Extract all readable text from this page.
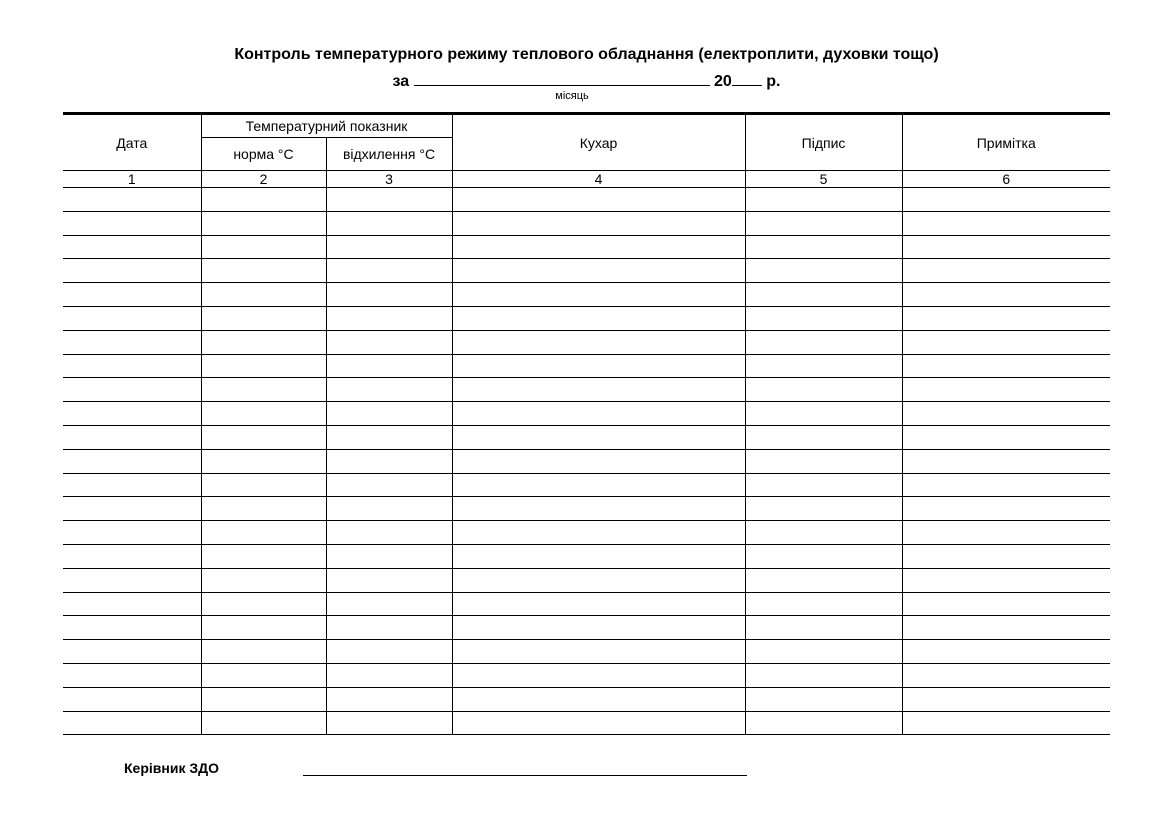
Контроль температурного режиму теплового обладнання (електроплити, духовки тощо)
за	20 р.
місяць
Дата	Температурний показник		Кухар	Підпис	Примітка
	норма °С	відхилення °С			
1	2	3	4	5	6

Керівник ЗДО
